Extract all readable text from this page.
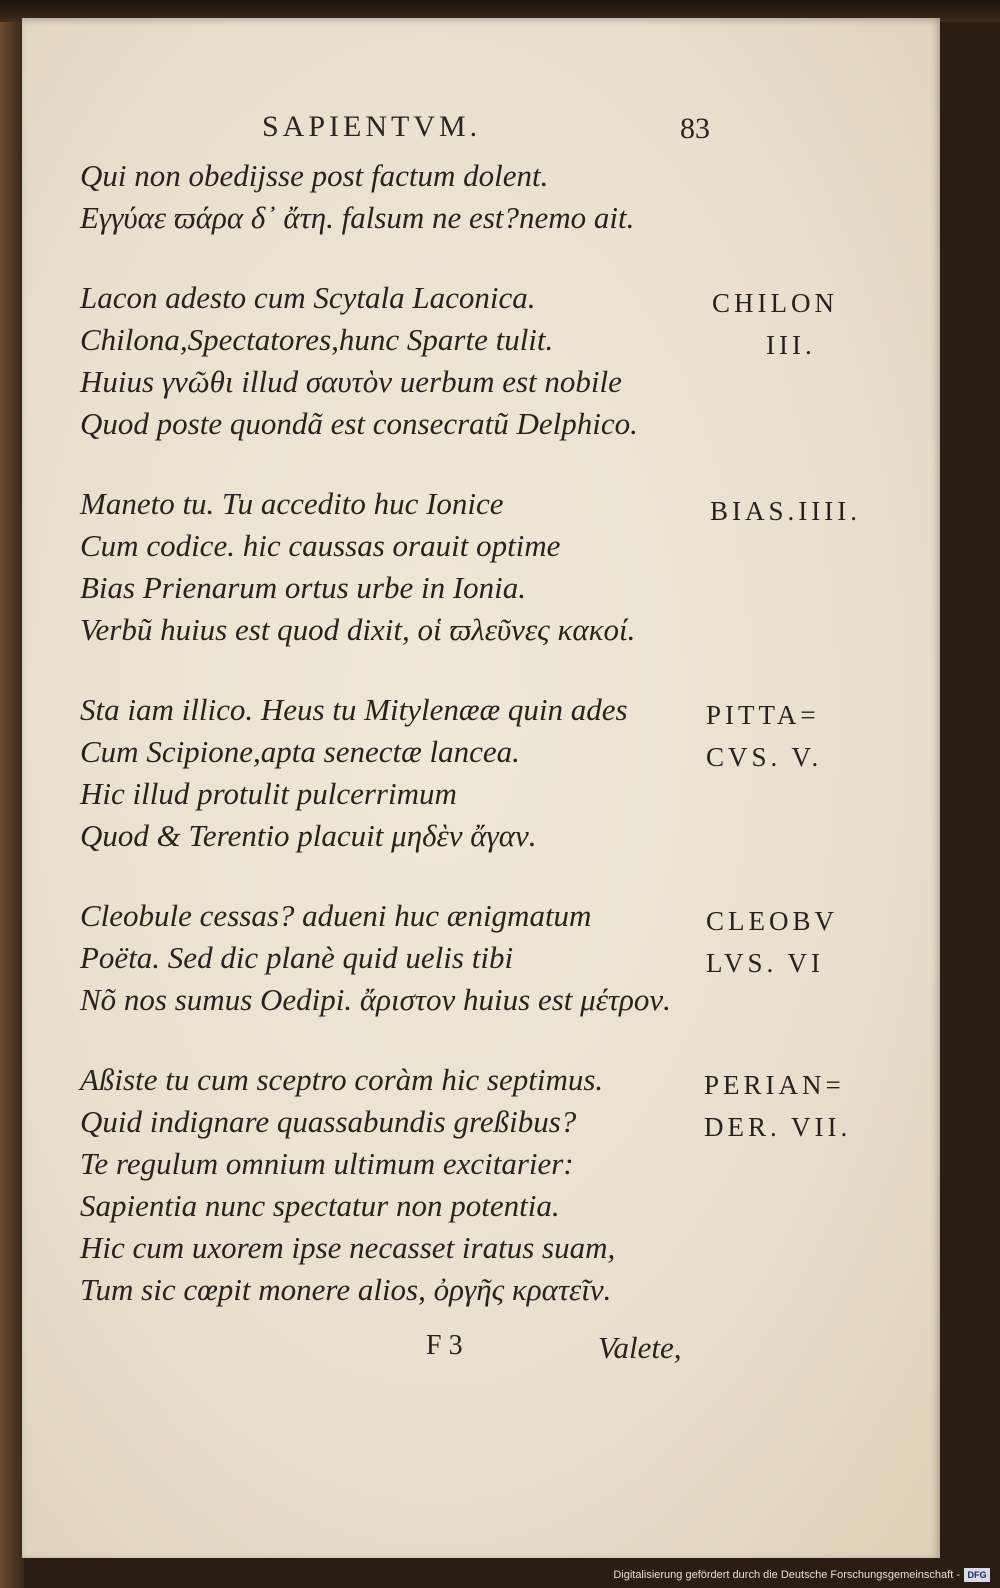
SAPIENTVM.	83
Qui non obedijsse post factum dolent.
Εγγύαε ϖάρα δ᾽ ἄτη. falsum ne est?nemo ait.
Lacon adesto cum Scytala Laconica.
Chilona,Spectatores,hunc Sparte tulit.
Huius γνῶθι illud σαυτὸν uerbum est nobile
Quod poste quondã est consecratũ Delphico.
Maneto tu. Tu accedito huc Ionice
Cum codice. hic caussas orauit optime
Bias Prienarum ortus urbe in Ionia.
Verbũ huius est quod dixit, οἱ ϖλεῦνες κακοί.
Sta iam illico. Heus tu Mitylenææ quin ades
Cum Scipione,apta senectæ lancea.
Hic illud protulit pulcerrimum
Quod & Terentio placuit μηδὲν ἄγαν.
Cleobule cessas? adueni huc ænigmatum
Poëta. Sed dic planè quid uelis tibi
Nõ nos sumus Oedipi. ἄριστον huius est μέτρον.
Aßiste tu cum sceptro coràm hic septimus.
Quid indignare quassabundis greßibus?
Te regulum omnium ultimum excitarier:
Sapientia nunc spectatur non potentia.
Hic cum uxorem ipse necasset iratus suam,
Tum sic cœpit monere alios, ὀργῆς κρατεῖν.
CHILON
III.
BIAS.IIII.
PITTA=
CVS. V.
CLEOBV
LVS. VI
PERIAN=
DER. VII.
F 3	Valete,
Digitalisierung gefördert durch die Deutsche Forschungsgemeinschaft - DFG
